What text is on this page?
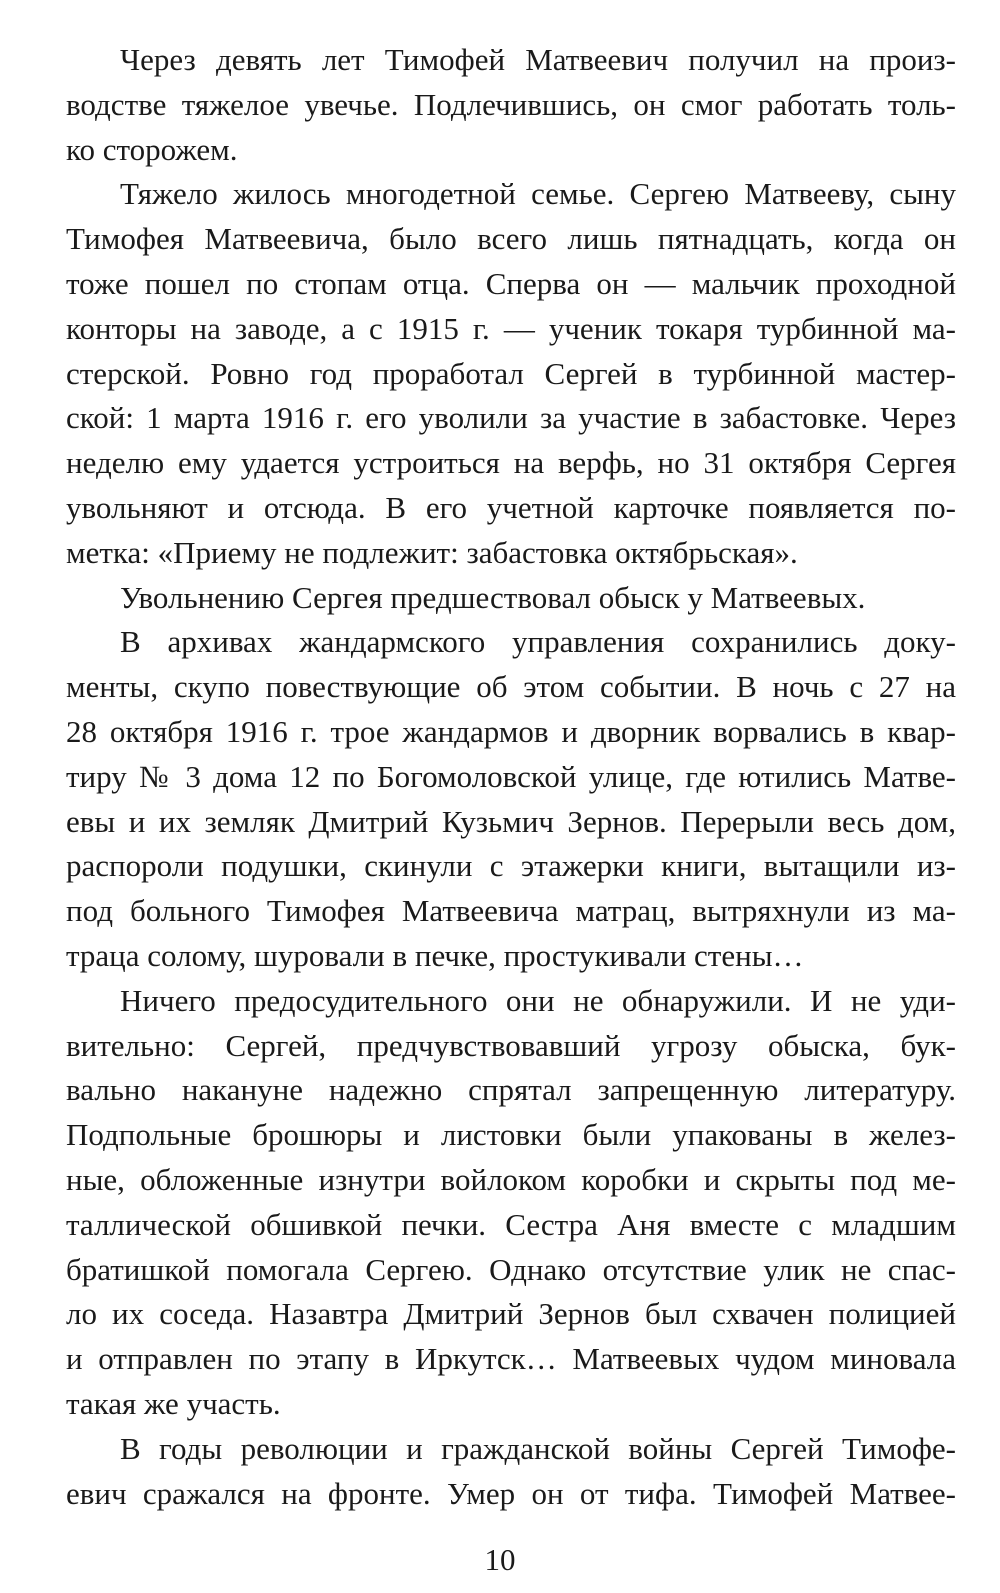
Через девять лет Тимофей Матвеевич получил на произ-
водстве тяжелое увечье. Подлечившись, он смог работать толь-
ко сторожем.
Тяжело жилось многодетной семье. Сергею Матвееву, сыну
Тимофея Матвеевича, было всего лишь пятнадцать, когда он
тоже пошел по стопам отца. Сперва он — мальчик проходной
конторы на заводе, а с 1915 г. — ученик токаря турбинной ма-
стерской. Ровно год проработал Сергей в турбинной мастер-
ской: 1 марта 1916 г. его уволили за участие в забастовке. Через
неделю ему удается устроиться на верфь, но 31 октября Сергея
увольняют и отсюда. В его учетной карточке появляется по-
метка: «Приему не подлежит: забастовка октябрьская».
Увольнению Сергея предшествовал обыск у Матвеевых.
В архивах жандармского управления сохранились доку-
менты, скупо повествующие об этом событии. В ночь с 27 на
28 октября 1916 г. трое жандармов и дворник ворвались в квар-
тиру № 3 дома 12 по Богомоловской улице, где ютились Матве-
евы и их земляк Дмитрий Кузьмич Зернов. Перерыли весь дом,
распороли подушки, скинули с этажерки книги, вытащили из-
под больного Тимофея Матвеевича матрац, вытряхнули из ма-
траца солому, шуровали в печке, простукивали стены…
Ничего предосудительного они не обнаружили. И не уди-
вительно: Сергей, предчувствовавший угрозу обыска, бук-
вально накануне надежно спрятал запрещенную литературу.
Подпольные брошюры и листовки были упакованы в желез-
ные, обложенные изнутри войлоком коробки и скрыты под ме-
таллической обшивкой печки. Сестра Аня вместе с младшим
братишкой помогала Сергею. Однако отсутствие улик не спас-
ло их соседа. Назавтра Дмитрий Зернов был схвачен полицией
и отправлен по этапу в Иркутск… Матвеевых чудом миновала
такая же участь.
В годы революции и гражданской войны Сергей Тимофе-
евич сражался на фронте. Умер он от тифа. Тимофей Матвее-
10
